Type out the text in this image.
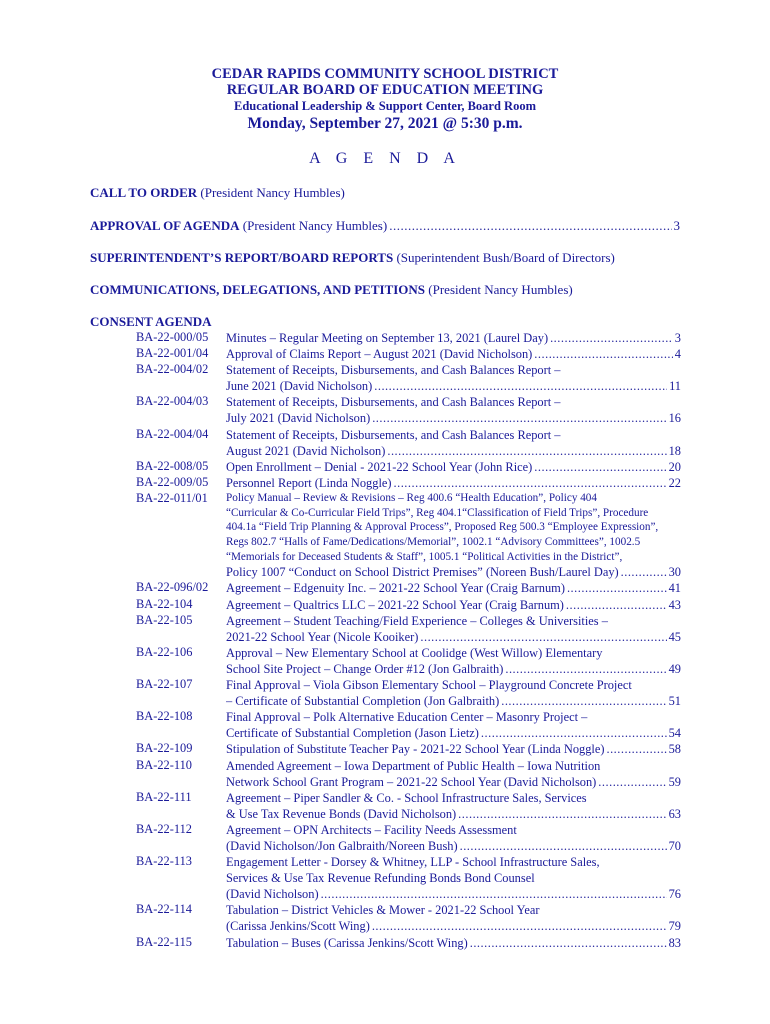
CEDAR RAPIDS COMMUNITY SCHOOL DISTRICT
REGULAR BOARD OF EDUCATION MEETING
Educational Leadership & Support Center, Board Room
Monday, September 27, 2021 @ 5:30 p.m.
A G E N D A
CALL TO ORDER (President Nancy Humbles)
APPROVAL OF AGENDA (President Nancy Humbles) .....	3
SUPERINTENDENT’S REPORT/BOARD REPORTS (Superintendent Bush/Board of Directors)
COMMUNICATIONS, DELEGATIONS, AND PETITIONS (President Nancy Humbles)
CONSENT AGENDA
BA-22-000/05	Minutes – Regular Meeting on September 13, 2021 (Laurel Day) .....	3
BA-22-001/04	Approval of Claims Report – August 2021 (David Nicholson) .....	4
BA-22-004/02	Statement of Receipts, Disbursements, and Cash Balances Report –
June 2021 (David Nicholson) .....	11
BA-22-004/03	Statement of Receipts, Disbursements, and Cash Balances Report –
July 2021 (David Nicholson) .....	16
BA-22-004/04	Statement of Receipts, Disbursements, and Cash Balances Report –
August 2021 (David Nicholson) .....	18
BA-22-008/05	Open Enrollment – Denial - 2021-22 School Year (John Rice) .....	20
BA-22-009/05	Personnel Report (Linda Noggle) .....	22
BA-22-011/01	Policy Manual – Review & Revisions – Reg 400.6 “Health Education”, Policy 404
“Curricular & Co-Curricular Field Trips”, Reg 404.1“Classification of Field Trips”, Procedure
404.1a “Field Trip Planning & Approval Process”, Proposed Reg 500.3 “Employee Expression”,
Regs 802.7 “Halls of Fame/Dedications/Memorial”, 1002.1 “Advisory Committees”, 1002.5
“Memorials for Deceased Students & Staff”, 1005.1 “Political Activities in the District”,
Policy 1007 “Conduct on School District Premises” (Noreen Bush/Laurel Day) .....	30
BA-22-096/02	Agreement – Edgenuity Inc. – 2021-22 School Year (Craig Barnum) .....	41
BA-22-104	Agreement – Qualtrics LLC – 2021-22 School Year (Craig Barnum) .....	43
BA-22-105	Agreement – Student Teaching/Field Experience – Colleges & Universities –
2021-22 School Year (Nicole Kooiker) .....	45
BA-22-106	Approval – New Elementary School at Coolidge (West Willow) Elementary
School Site Project – Change Order #12 (Jon Galbraith) .....	49
BA-22-107	Final Approval – Viola Gibson Elementary School – Playground Concrete Project
– Certificate of Substantial Completion (Jon Galbraith) .....	51
BA-22-108	Final Approval – Polk Alternative Education Center – Masonry Project –
Certificate of Substantial Completion (Jason Lietz) .....	54
BA-22-109	Stipulation of Substitute Teacher Pay - 2021-22 School Year (Linda Noggle) .....	58
BA-22-110	Amended Agreement – Iowa Department of Public Health – Iowa Nutrition
Network School Grant Program – 2021-22 School Year (David Nicholson) .....	59
BA-22-111	Agreement – Piper Sandler & Co. - School Infrastructure Sales, Services
& Use Tax Revenue Bonds (David Nicholson) .....	63
BA-22-112	Agreement – OPN Architects – Facility Needs Assessment
(David Nicholson/Jon Galbraith/Noreen Bush) .....	70
BA-22-113	Engagement Letter - Dorsey & Whitney, LLP - School Infrastructure Sales,
Services & Use Tax Revenue Refunding Bonds Bond Counsel
(David Nicholson) .....	76
BA-22-114	Tabulation – District Vehicles & Mower - 2021-22 School Year
(Carissa Jenkins/Scott Wing) .....	79
BA-22-115	Tabulation – Buses (Carissa Jenkins/Scott Wing) .....	83
